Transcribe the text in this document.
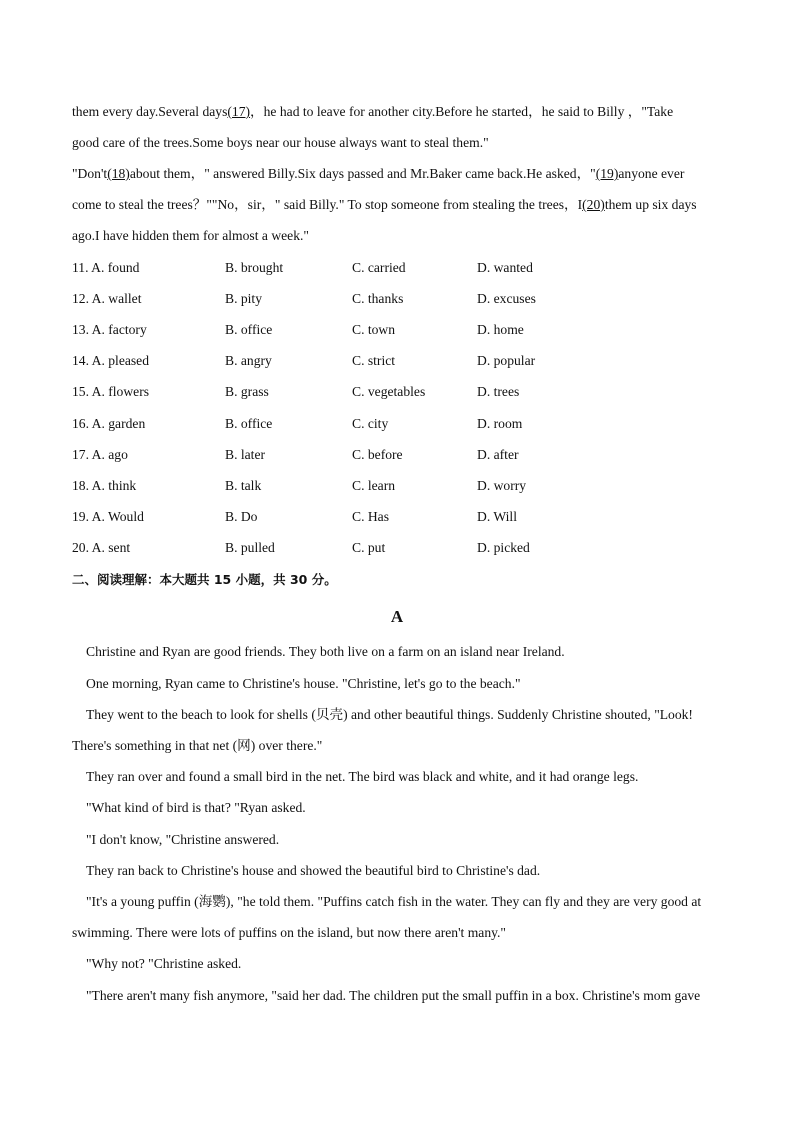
them every day.Several days(17)，he had to leave for another city.Before he started，he said to Billy ，"Take
good care of the trees.Some boys near our house always want to steal them."
"Don't(18)about them，" answered Billy.Six days passed and Mr.Baker came back.He asked，"(19)anyone ever
come to steal the trees？""No，sir，" said Billy." To stop someone from stealing the trees，I(20)them up six days
ago.I have hidden them for almost a week."
11. A. found	B. brought	C. carried	D. wanted
12. A. wallet	B. pity	C. thanks	D. excuses
13. A. factory	B. office	C. town	D. home
14. A. pleased	B. angry	C. strict	D. popular
15. A. flowers	B. grass	C. vegetables	D. trees
16. A. garden	B. office	C. city	D. room
17. A. ago	B. later	C. before	D. after
18. A. think	B. talk	C. learn	D. worry
19. A. Would	B. Do	C. Has	D. Will
20. A. sent	B. pulled	C. put	D. picked
二、阅读理解：本大题共 15 小题，共 30 分。
A
Christine and Ryan are good friends. They both live on a farm on an island near Ireland.
One morning, Ryan came to Christine's house. "Christine, let's go to the beach."
They went to the beach to look for shells (贝壳) and other beautiful things. Suddenly Christine shouted, "Look!
There's something in that net (网) over there."
They ran over and found a small bird in the net. The bird was black and white, and it had orange legs.
"What kind of bird is that? "Ryan asked.
"I don't know, "Christine answered.
They ran back to Christine's house and showed the beautiful bird to Christine's dad.
"It's a young puffin (海鹦), "he told them. "Puffins catch fish in the water. They can fly and they are very good at
swimming. There were lots of puffins on the island, but now there aren't many."
"Why not? "Christine asked.
"There aren't many fish anymore, "said her dad. The children put the small puffin in a box. Christine's mom gave
